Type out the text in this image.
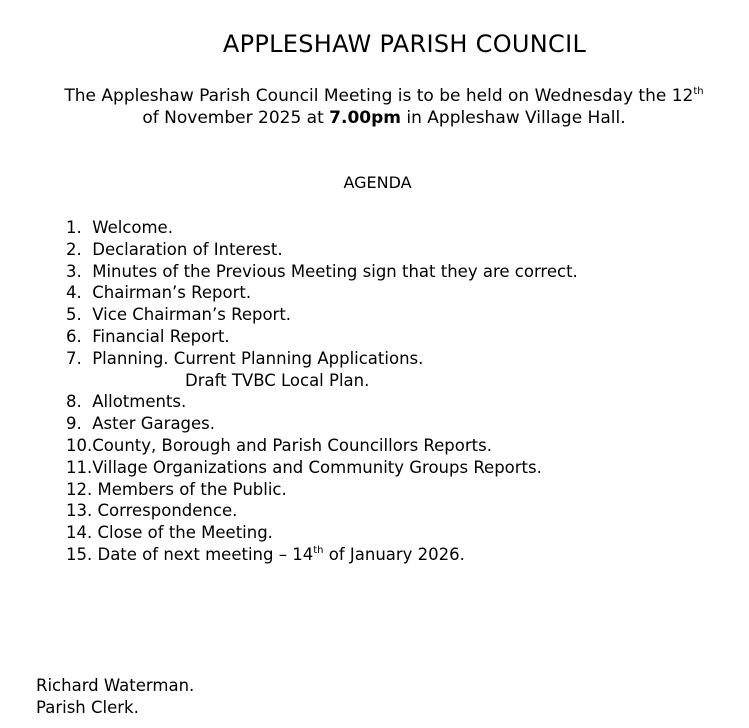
APPLESHAW PARISH COUNCIL
The Appleshaw Parish Council Meeting is to be held on Wednesday the 12th
of November 2025 at 7.00pm in Appleshaw Village Hall.
AGENDA
1.  Welcome.
2.  Declaration of Interest.
3.  Minutes of the Previous Meeting sign that they are correct.
4.  Chairman’s Report.
5.  Vice Chairman’s Report.
6.  Financial Report.
7.  Planning. Current Planning Applications.
Draft TVBC Local Plan.
8.  Allotments.
9.  Aster Garages.
10.County, Borough and Parish Councillors Reports.
11.Village Organizations and Community Groups Reports.
12. Members of the Public.
13. Correspondence.
14. Close of the Meeting.
15. Date of next meeting – 14th of January 2026.
Richard Waterman.
Parish Clerk.
